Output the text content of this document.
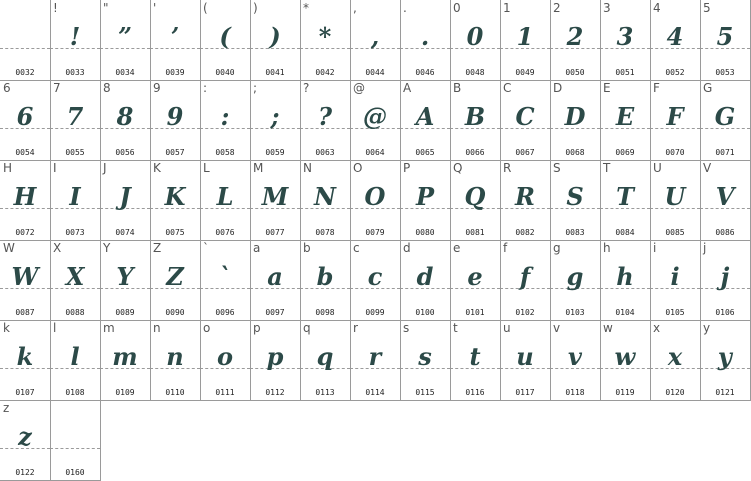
0032
!
!
0033
"
”
0034
'
’
0039
(
(
0040
)
)
0041
*
*
0042
,
,
0044
.
.
0046
0
0
0048
1
1
0049
2
2
0050
3
3
0051
4
4
0052
5
5
0053
6
6
0054
7
7
0055
8
8
0056
9
9
0057
:
:
0058
;
;
0059
?
?
0063
@
@
0064
A
A
0065
B
B
0066
C
C
0067
D
D
0068
E
E
0069
F
F
0070
G
G
0071
H
H
0072
I
I
0073
J
J
0074
K
K
0075
L
L
0076
M
M
0077
N
N
0078
O
O
0079
P
P
0080
Q
Q
0081
R
R
0082
S
S
0083
T
T
0084
U
U
0085
V
V
0086
W
W
0087
X
X
0088
Y
Y
0089
Z
Z
0090
`
`
0096
a
a
0097
b
b
0098
c
c
0099
d
d
0100
e
e
0101
f
f
0102
g
g
0103
h
h
0104
i
i
0105
j
j
0106
k
k
0107
l
l
0108
m
m
0109
n
n
0110
o
o
0111
p
p
0112
q
q
0113
r
r
0114
s
s
0115
t
t
0116
u
u
0117
v
v
0118
w
w
0119
x
x
0120
y
у
0121
z
z
0122	0160
